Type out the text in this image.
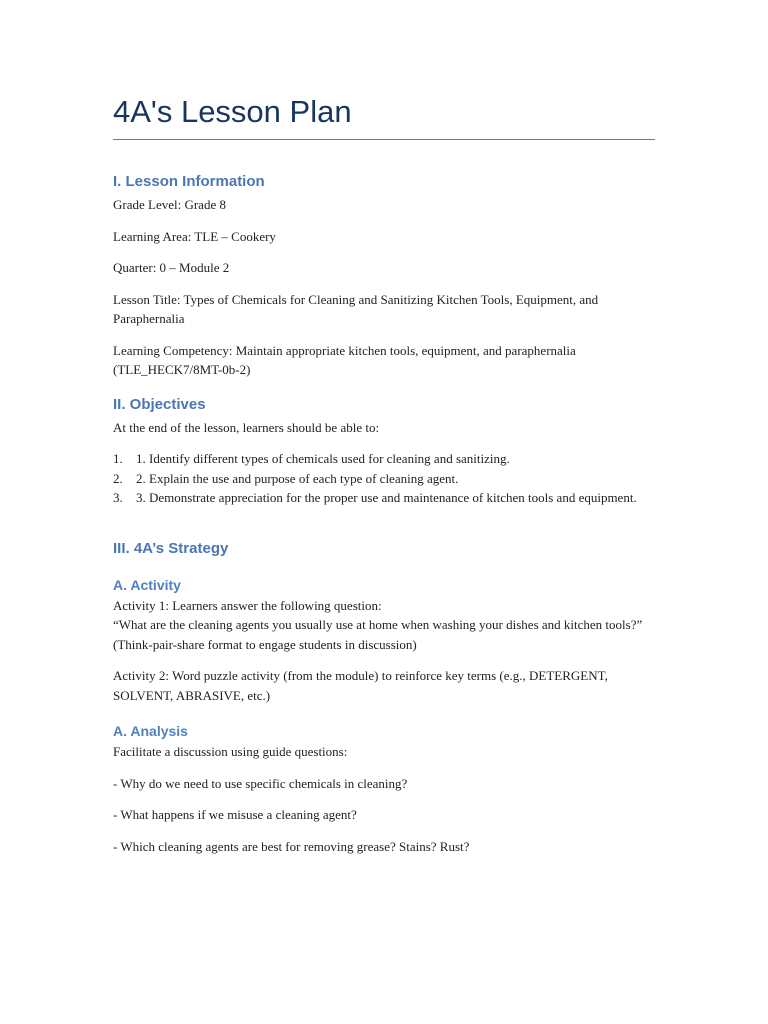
4A's Lesson Plan
I. Lesson Information

Grade Level: Grade 8

Learning Area: TLE – Cookery

Quarter: 0 – Module 2

Lesson Title: Types of Chemicals for Cleaning and Sanitizing Kitchen Tools, Equipment, and Paraphernalia

Learning Competency: Maintain appropriate kitchen tools, equipment, and paraphernalia
(TLE_HECK7/8MT-0b-2)

II. Objectives

At the end of the lesson, learners should be able to:

1. 1. Identify different types of chemicals used for cleaning and sanitizing.
2. 2. Explain the use and purpose of each type of cleaning agent.
3. 3. Demonstrate appreciation for the proper use and maintenance of kitchen tools and equipment.
III. 4A’s Strategy
A. Activity

Activity 1: Learners answer the following question:
“What are the cleaning agents you usually use at home when washing your dishes and kitchen tools?” (Think-pair-share format to engage students in discussion)

Activity 2: Word puzzle activity (from the module) to reinforce key terms (e.g., DETERGENT, SOLVENT, ABRASIVE, etc.)

A. Analysis

Facilitate a discussion using guide questions:

- Why do we need to use specific chemicals in cleaning?

- What happens if we misuse a cleaning agent?

- Which cleaning agents are best for removing grease? Stains? Rust?
